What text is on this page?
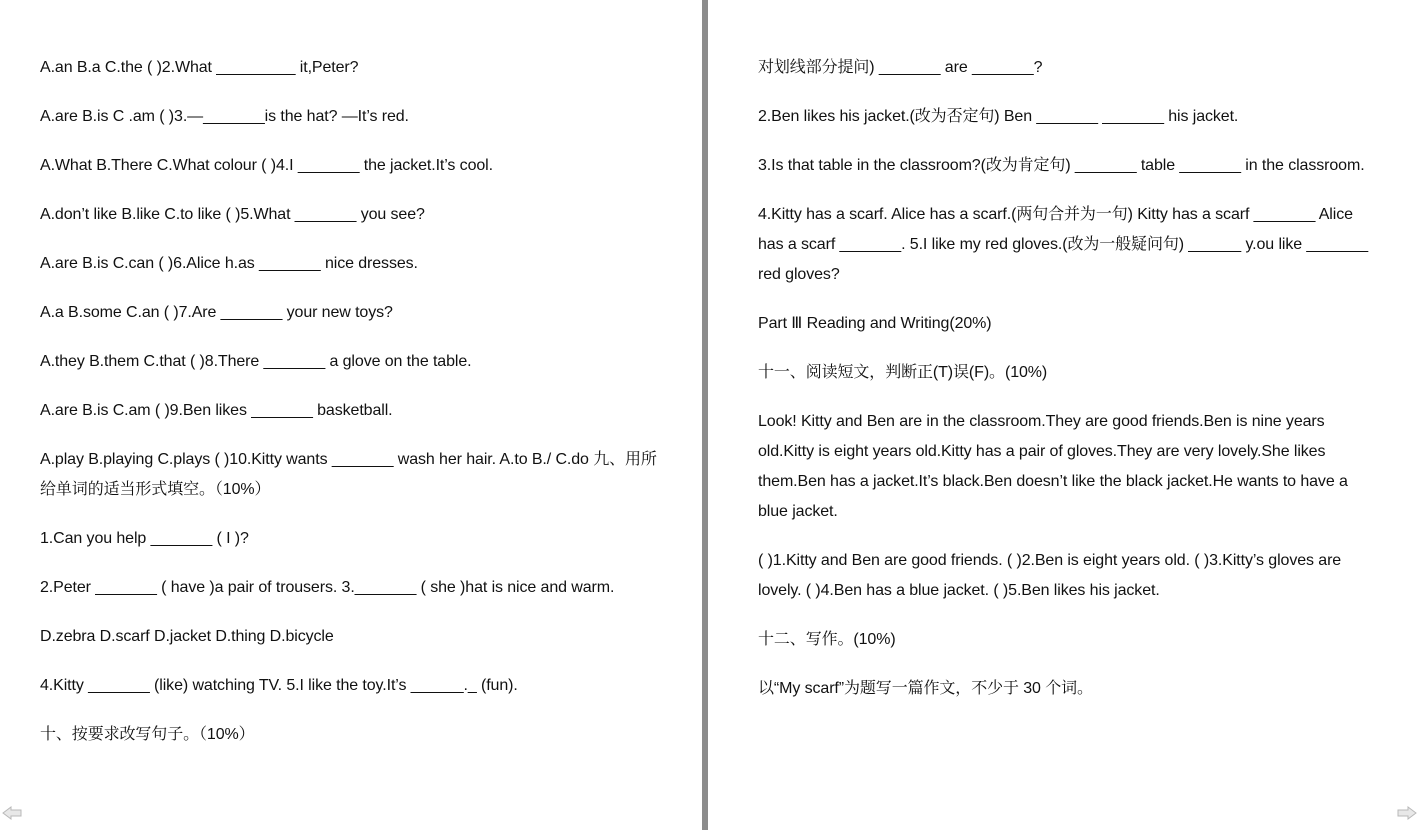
A.an B.a C.the ( )2.What _________ it,Peter?

A.are B.is C .am ( )3.—_______is the hat? —It’s red.

A.What B.There C.What colour ( )4.I _______ the jacket.It’s cool.

A.don’t like B.like C.to like ( )5.What _______ you see?

A.are B.is C.can ( )6.Alice h.as _______ nice dresses.

A.a B.some C.an ( )7.Are _______ your new toys?

A.they B.them C.that ( )8.There _______ a glove on the table.

A.are B.is C.am ( )9.Ben likes _______ basketball.

A.play B.playing C.plays ( )10.Kitty wants _______ wash her hair. A.to B./ C.do 九、用所给单词的适当形式填空。（10%）

1.Can you help _______ ( I )?

2.Peter _______ ( have )a pair of trousers. 3._______ ( she )hat is nice and warm.

D.zebra D.scarf D.jacket D.thing D.bicycle

4.Kitty _______ (like) watching TV. 5.I like the toy.It’s ______._ (fun).

十、按要求改写句子。（10%）

对划线部分提问) _______ are _______?

2.Ben likes his jacket.(改为否定句) Ben _______ _______ his jacket.

3.Is that table in the classroom?(改为肯定句) _______ table _______ in the classroom.

4.Kitty has a scarf. Alice has a scarf.(两句合并为一句) Kitty has a scarf _______ Alice has a scarf _______. 5.I like my red gloves.(改为一般疑问句) ______ y.ou like _______ red gloves?

Part Ⅲ Reading and Writing(20%)

十一、阅读短文，判断正(T)误(F)。(10%)

Look! Kitty and Ben are in the classroom.They are good friends.Ben is nine years old.Kitty is eight years old.Kitty has a pair of gloves.They are very lovely.She likes them.Ben has a jacket.It’s black.Ben doesn’t like the black jacket.He wants to have a blue jacket.

( )1.Kitty and Ben are good friends. ( )2.Ben is eight years old. ( )3.Kitty’s gloves are lovely. ( )4.Ben has a blue jacket. ( )5.Ben likes his jacket.

十二、写作。(10%)

以“My scarf”为题写一篇作文，不少于 30 个词。
